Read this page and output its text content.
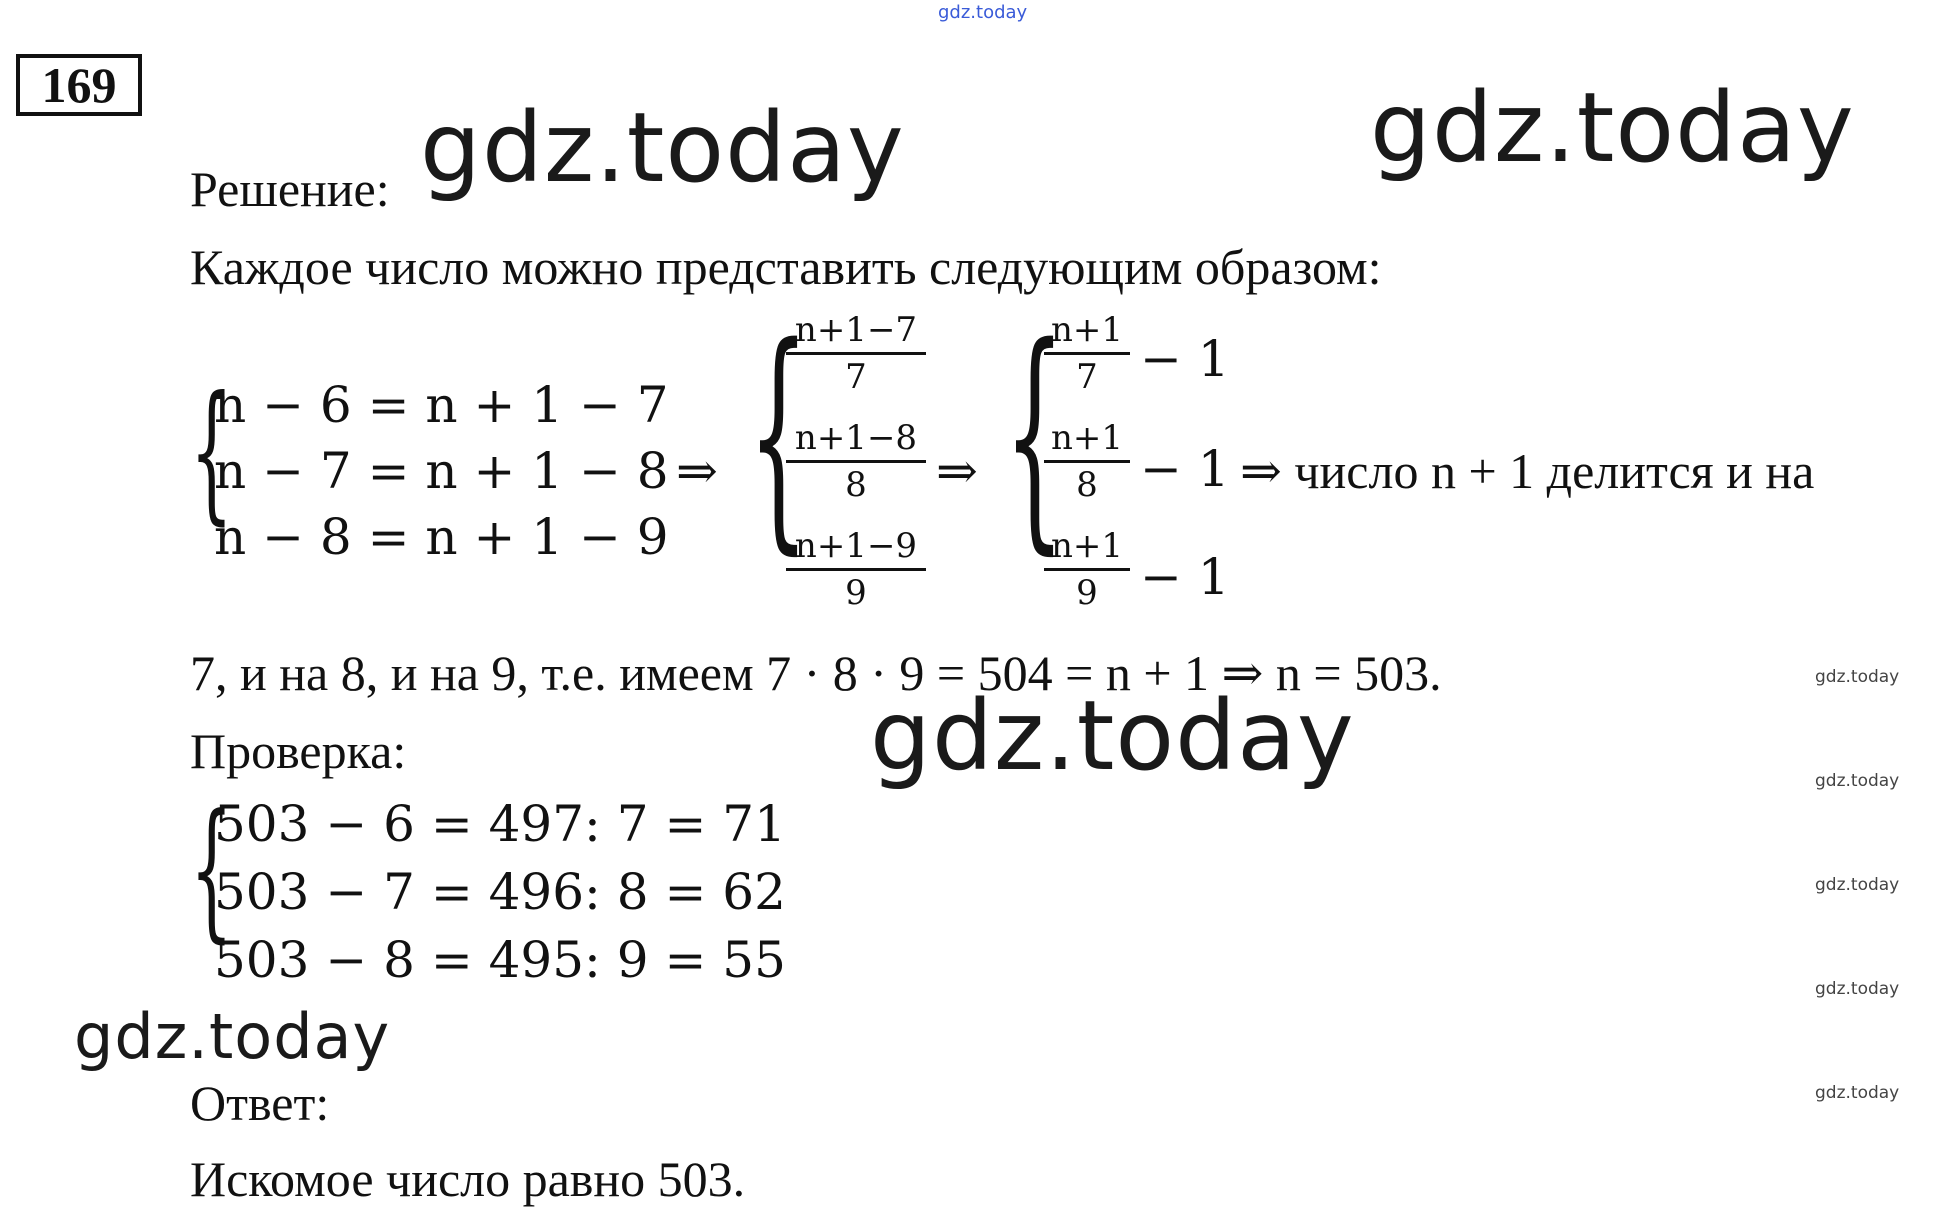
gdz.today
169
gdz.today	gdz.today
gdz.today
gdz.today
gdz.today
gdz.today
gdz.today
gdz.today
gdz.today
Решение:
Каждое число можно представить следующим образом:
{
n − 6 = n + 1 − 7
n − 7 = n + 1 − 8
n − 8 = n + 1 − 9
⇒ {
n+1−7
7
n+1−8
8
n+1−9
9
⇒ {
n+1
7 − 1
n+1
8 − 1
n+1
9 − 1
⇒ число n + 1 делится и на
7, и на 8, и на 9, т.е. имеем 7 · 8 · 9 = 504 = n + 1 ⇒ n = 503.
Проверка:
{
503 − 6 = 497: 7 = 71
503 − 7 = 496: 8 = 62
503 − 8 = 495: 9 = 55
Ответ:
Искомое число равно 503.
